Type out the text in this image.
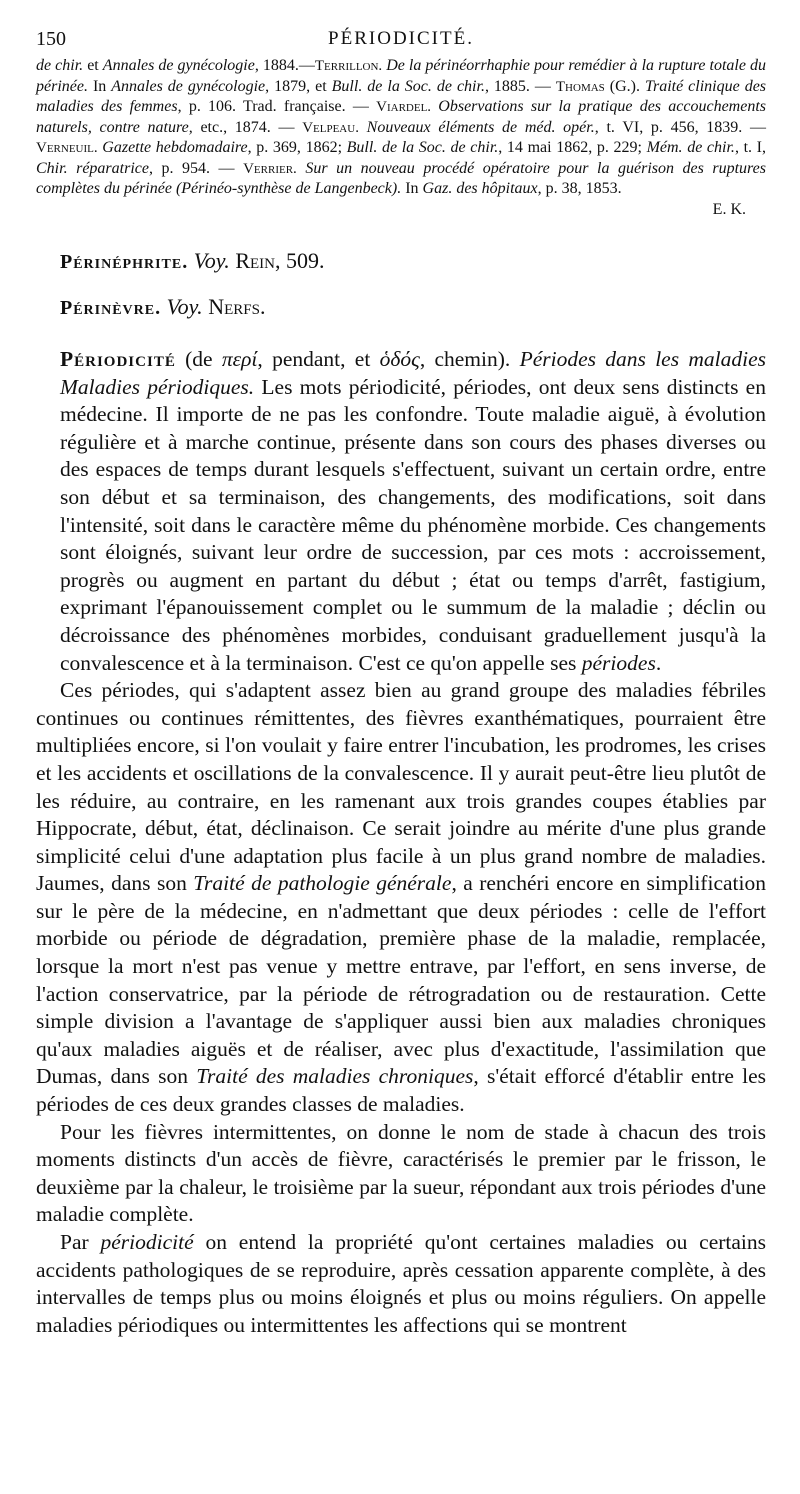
150	PÉRIODICITÉ.
de chir. et Annales de gynécologie, 1884.—Terrillon. De la périnéorrhaphie pour remédier à la rupture totale du périnée. In Annales de gynécologie, 1879, et Bull. de la Soc. de chir., 1885. — Thomas (G.). Traité clinique des maladies des femmes, p. 106. Trad. française. — Viardel. Observations sur la pratique des accouchements naturels, contre nature, etc., 1874. — Velpeau. Nouveaux éléments de méd. opér., t. VI, p. 456, 1839. — Verneuil. Gazette hebdomadaire, p. 369, 1862; Bull. de la Soc. de chir., 14 mai 1862, p. 229; Mém. de chir., t. I, Chir. réparatrice, p. 954. — Verrier. Sur un nouveau procédé opératoire pour la guérison des ruptures complètes du périnée (Périnéo-synthèse de Langenbeck). In Gaz. des hôpitaux, p. 38, 1853.
E. K.

Périnéphrite. Voy. Rein, 509.

Périnèvre. Voy. Nerfs.

Périodicité (de περί, pendant, et ὁδός, chemin). Périodes dans les maladies Maladies périodiques. Les mots périodicité, périodes, ont deux sens distincts en médecine. Il importe de ne pas les confondre. Toute maladie aiguë, à évolution régulière et à marche continue, présente dans son cours des phases diverses ou des espaces de temps durant lesquels s'effectuent, suivant un certain ordre, entre son début et sa terminaison, des changements, des modifications, soit dans l'intensité, soit dans le caractère même du phénomène morbide. Ces changements sont éloignés, suivant leur ordre de succession, par ces mots : accroissement, progrès ou augment en partant du début ; état ou temps d'arrêt, fastigium, exprimant l'épanouissement complet ou le summum de la maladie ; déclin ou décroissance des phénomènes morbides, conduisant graduellement jusqu'à la convalescence et à la terminaison. C'est ce qu'on appelle ses périodes.

Ces périodes, qui s'adaptent assez bien au grand groupe des maladies fébriles continues ou continues rémittentes, des fièvres exanthématiques, pourraient être multipliées encore, si l'on voulait y faire entrer l'incubation, les prodromes, les crises et les accidents et oscillations de la convalescence. Il y aurait peut-être lieu plutôt de les réduire, au contraire, en les ramenant aux trois grandes coupes établies par Hippocrate, début, état, déclinaison. Ce serait joindre au mérite d'une plus grande simplicité celui d'une adaptation plus facile à un plus grand nombre de maladies. Jaumes, dans son Traité de pathologie générale, a renchéri encore en simplification sur le père de la médecine, en n'admettant que deux périodes : celle de l'effort morbide ou période de dégradation, première phase de la maladie, remplacée, lorsque la mort n'est pas venue y mettre entrave, par l'effort, en sens inverse, de l'action conservatrice, par la période de rétrogradation ou de restauration. Cette simple division a l'avantage de s'appliquer aussi bien aux maladies chroniques qu'aux maladies aiguës et de réaliser, avec plus d'exactitude, l'assimilation que Dumas, dans son Traité des maladies chroniques, s'était efforcé d'établir entre les périodes de ces deux grandes classes de maladies.

Pour les fièvres intermittentes, on donne le nom de stade à chacun des trois moments distincts d'un accès de fièvre, caractérisés le premier par le frisson, le deuxième par la chaleur, le troisième par la sueur, répondant aux trois périodes d'une maladie complète.

Par périodicité on entend la propriété qu'ont certaines maladies ou certains accidents pathologiques de se reproduire, après cessation apparente complète, à des intervalles de temps plus ou moins éloignés et plus ou moins réguliers. On appelle maladies périodiques ou intermittentes les affections qui se montrent
